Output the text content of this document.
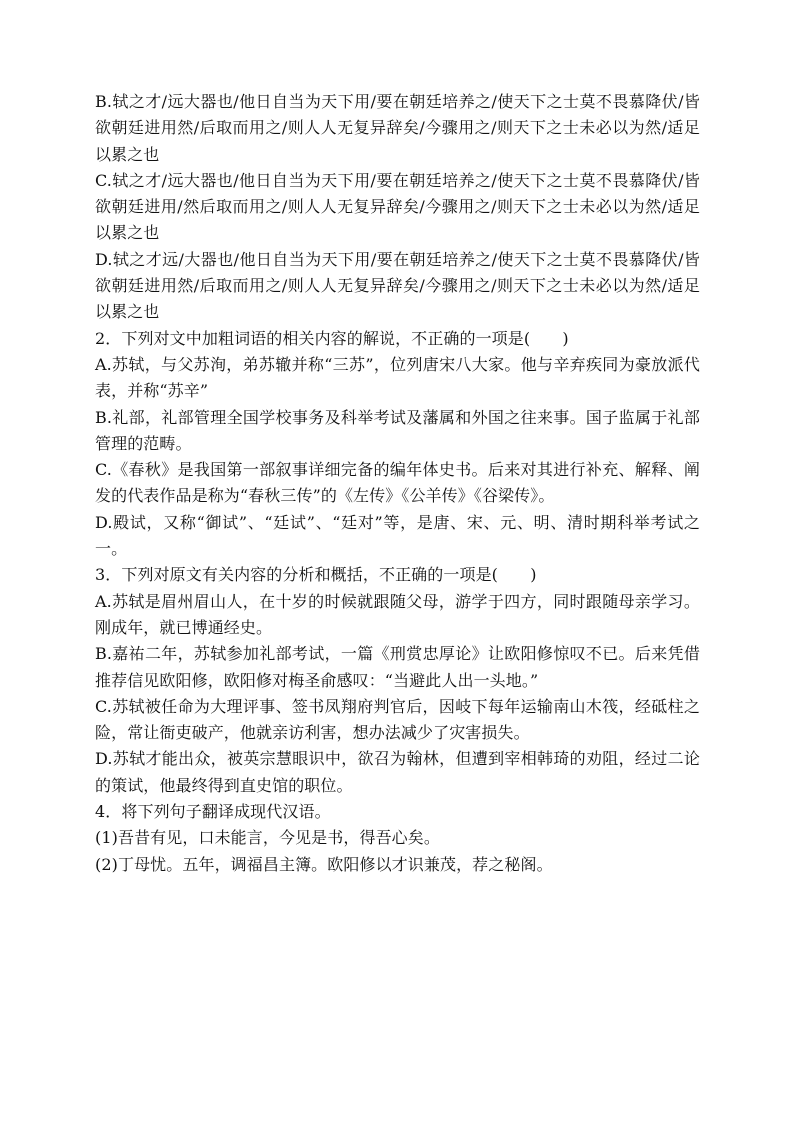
B.轼之才/远大器也/他日自当为天下用/要在朝廷培养之/使天下之士莫不畏慕降伏/皆欲朝廷进用然/后取而用之/则人人无复异辞矣/今骤用之/则天下之士未必以为然/适足以累之也

C.轼之才/远大器也/他日自当为天下用/要在朝廷培养之/使天下之士莫不畏慕降伏/皆欲朝廷进用/然后取而用之/则人人无复异辞矣/今骤用之/则天下之士未必以为然/适足以累之也

D.轼之才远/大器也/他日自当为天下用/要在朝廷培养之/使天下之士莫不畏慕降伏/皆欲朝廷进用然/后取而用之/则人人无复异辞矣/今骤用之/则天下之士未必以为然/适足以累之也

2．下列对文中加粗词语的相关内容的解说，不正确的一项是(　　)

A.苏轼，与父苏洵，弟苏辙并称“三苏”，位列唐宋八大家。他与辛弃疾同为豪放派代表，并称“苏辛”

B.礼部，礼部管理全国学校事务及科举考试及藩属和外国之往来事。国子监属于礼部管理的范畴。

C.《春秋》是我国第一部叙事详细完备的编年体史书。后来对其进行补充、解释、阐发的代表作品是称为“春秋三传”的《左传》《公羊传》《谷梁传》。

D.殿试，又称“御试”、“廷试”、“廷对”等，是唐、宋、元、明、清时期科举考试之一。

3．下列对原文有关内容的分析和概括，不正确的一项是(　　)

A.苏轼是眉州眉山人，在十岁的时候就跟随父母，游学于四方，同时跟随母亲学习。刚成年，就已博通经史。

B.嘉祐二年，苏轼参加礼部考试，一篇《刑赏忠厚论》让欧阳修惊叹不已。后来凭借推荐信见欧阳修，欧阳修对梅圣俞感叹：“当避此人出一头地。”

C.苏轼被任命为大理评事、签书凤翔府判官后，因岐下每年运输南山木筏，经砥柱之险，常让衙吏破产，他就亲访利害，想办法减少了灾害损失。

D.苏轼才能出众，被英宗慧眼识中，欲召为翰林，但遭到宰相韩琦的劝阻，经过二论的策试，他最终得到直史馆的职位。

4．将下列句子翻译成现代汉语。

(1)吾昔有见，口未能言，今见是书，得吾心矣。

(2)丁母忧。五年，调福昌主簿。欧阳修以才识兼茂，荐之秘阁。
